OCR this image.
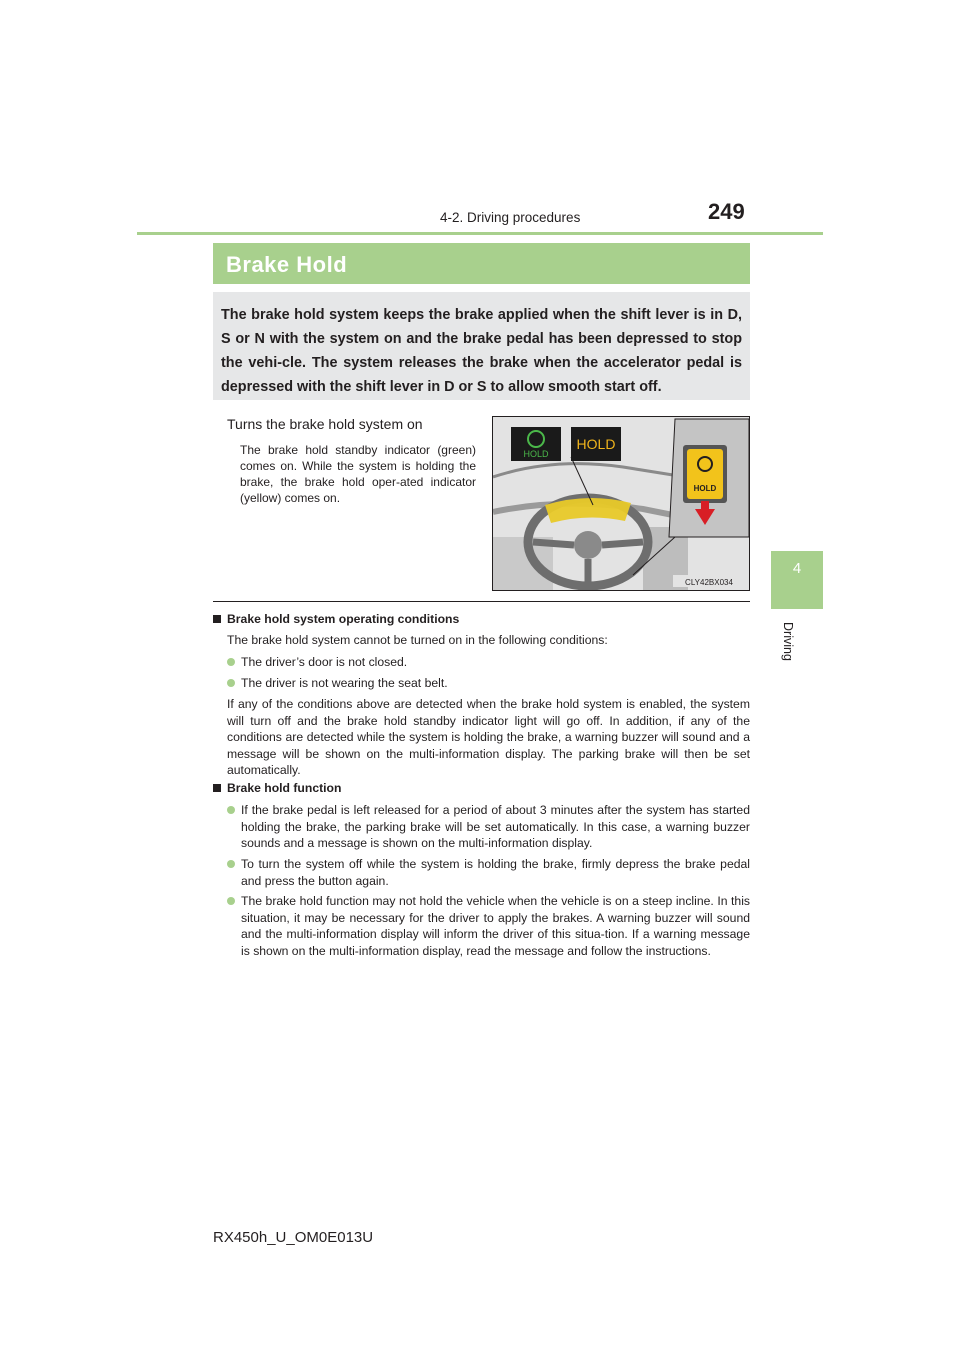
4-2. Driving procedures	249
4
Driving
Brake Hold
The brake hold system keeps the brake applied when the shift lever is in D, S or N with the system on and the brake pedal has been depressed to stop the vehi-cle. The system releases the brake when the accelerator pedal is depressed with the shift lever in D or S to allow smooth start off.
Turns the brake hold system on
The brake hold standby indicator (green) comes on. While the system is holding the brake, the brake hold oper-ated indicator (yellow) comes on.
HOLD
HOLD
HOLD
CLY42BX034
Brake hold system operating conditions
The brake hold system cannot be turned on in the following conditions:
The driver’s door is not closed.
The driver is not wearing the seat belt.
If any of the conditions above are detected when the brake hold system is enabled, the system will turn off and the brake hold standby indicator light will go off. In addition, if any of the conditions are detected while the system is holding the brake, a warning buzzer will sound and a message will be shown on the multi-information display. The parking brake will then be set automatically.
Brake hold function
If the brake pedal is left released for a period of about 3 minutes after the system has started holding the brake, the parking brake will be set automatically. In this case, a warning buzzer sounds and a message is shown on the multi-information display.
To turn the system off while the system is holding the brake, firmly depress the brake pedal and press the button again.
The brake hold function may not hold the vehicle when the vehicle is on a steep incline. In this situation, it may be necessary for the driver to apply the brakes. A warning buzzer will sound and the multi-information display will inform the driver of this situa-tion. If a warning message is shown on the multi-information display, read the message and follow the instructions.
RX450h_U_OM0E013U
